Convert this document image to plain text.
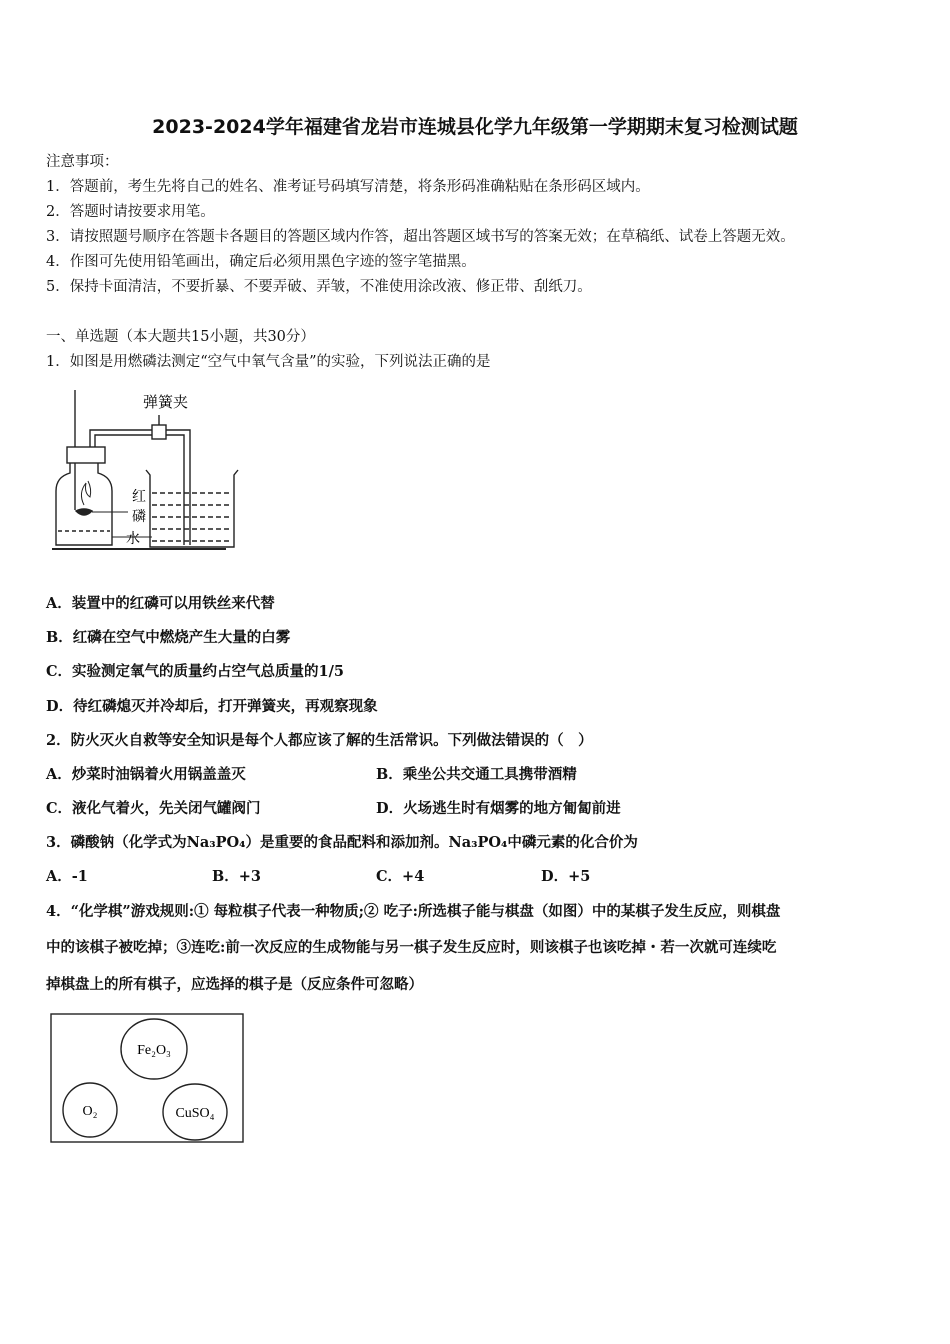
2023-2024学年福建省龙岩市连城县化学九年级第一学期期末复习检测试题
注意事项：
1．答题前，考生先将自己的姓名、准考证号码填写清楚，将条形码准确粘贴在条形码区域内。
2．答题时请按要求用笔。
3．请按照题号顺序在答题卡各题目的答题区域内作答，超出答题区域书写的答案无效；在草稿纸、试卷上答题无效。
4．作图可先使用铅笔画出，确定后必须用黑色字迹的签字笔描黑。
5．保持卡面清洁，不要折暴、不要弄破、弄皱，不准使用涂改液、修正带、刮纸刀。
一、单选题（本大题共15小题，共30分）
1．如图是用燃磷法测定“空气中氧气含量”的实验，下列说法正确的是
弹簧夹
红
磷
水
A．装置中的红磷可以用铁丝来代替
B．红磷在空气中燃烧产生大量的白雾
C．实验测定氧气的质量约占空气总质量的1/5
D．待红磷熄灭并冷却后，打开弹簧夹，再观察现象
2．防火灭火自救等安全知识是每个人都应该了解的生活常识。下列做法错误的（　）
A．炒菜时油锅着火用锅盖盖灭	B．乘坐公共交通工具携带酒精
C．液化气着火，先关闭气罐阀门	D．火场逃生时有烟雾的地方匍匐前进
3．磷酸钠（化学式为Na₃PO₄）是重要的食品配料和添加剂。Na₃PO₄中磷元素的化合价为
A．-1	B．+3	C．+4	D．+5
4．“化学棋”游戏规则:① 每粒棋子代表一种物质;② 吃子:所选棋子能与棋盘（如图）中的某棋子发生反应，则棋盘
中的该棋子被吃掉；③连吃:前一次反应的生成物能与另一棋子发生反应时，则该棋子也该吃掉・若一次就可连续吃
掉棋盘上的所有棋子，应选择的棋子是（反应条件可忽略）
Fe₂O₃
O₂	CuSO₄
